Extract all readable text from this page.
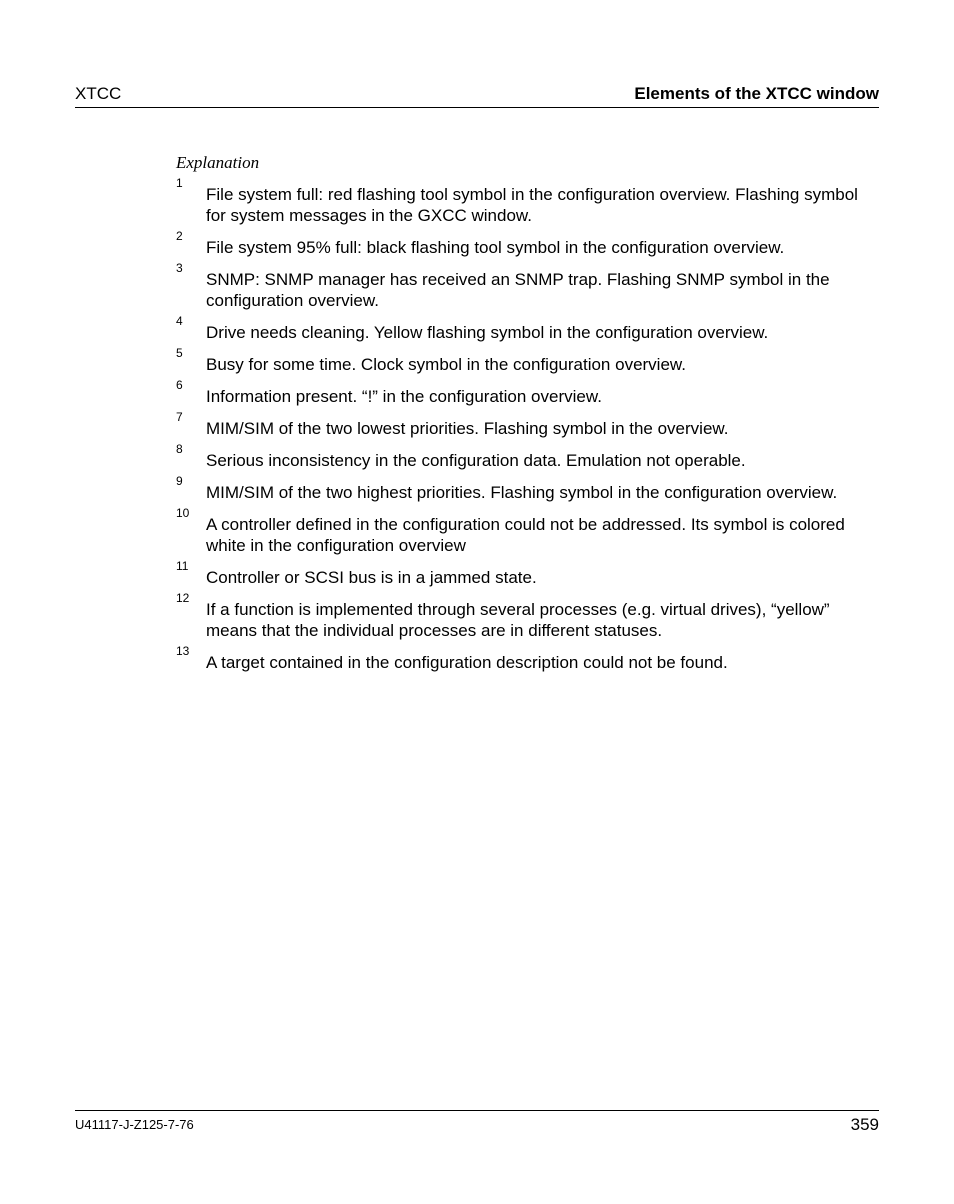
XTCC	Elements of the XTCC window
Explanation
1
File system full: red flashing tool symbol in the configuration overview. Flashing symbol for system messages in the GXCC window.
2
File system 95% full: black flashing tool symbol in the configuration overview.
3
SNMP: SNMP manager has received an SNMP trap. Flashing SNMP symbol in the configuration overview.
4
Drive needs cleaning. Yellow flashing symbol in the configuration overview.
5
Busy for some time. Clock symbol in the configuration overview.
6
Information present. “!” in the configuration overview.
7
MIM/SIM of the two lowest priorities. Flashing symbol in the overview.
8
Serious inconsistency in the configuration data. Emulation not operable.
9
MIM/SIM of the two highest priorities. Flashing symbol in the configuration overview.
10
A controller defined in the configuration could not be addressed. Its symbol is colored white in the configuration overview
11
Controller or SCSI bus is in a jammed state.
12
If a function is implemented through several processes (e.g. virtual drives), “yellow” means that the individual processes are in different statuses.
13
A target contained in the configuration description could not be found.
U41117-J-Z125-7-76	359
